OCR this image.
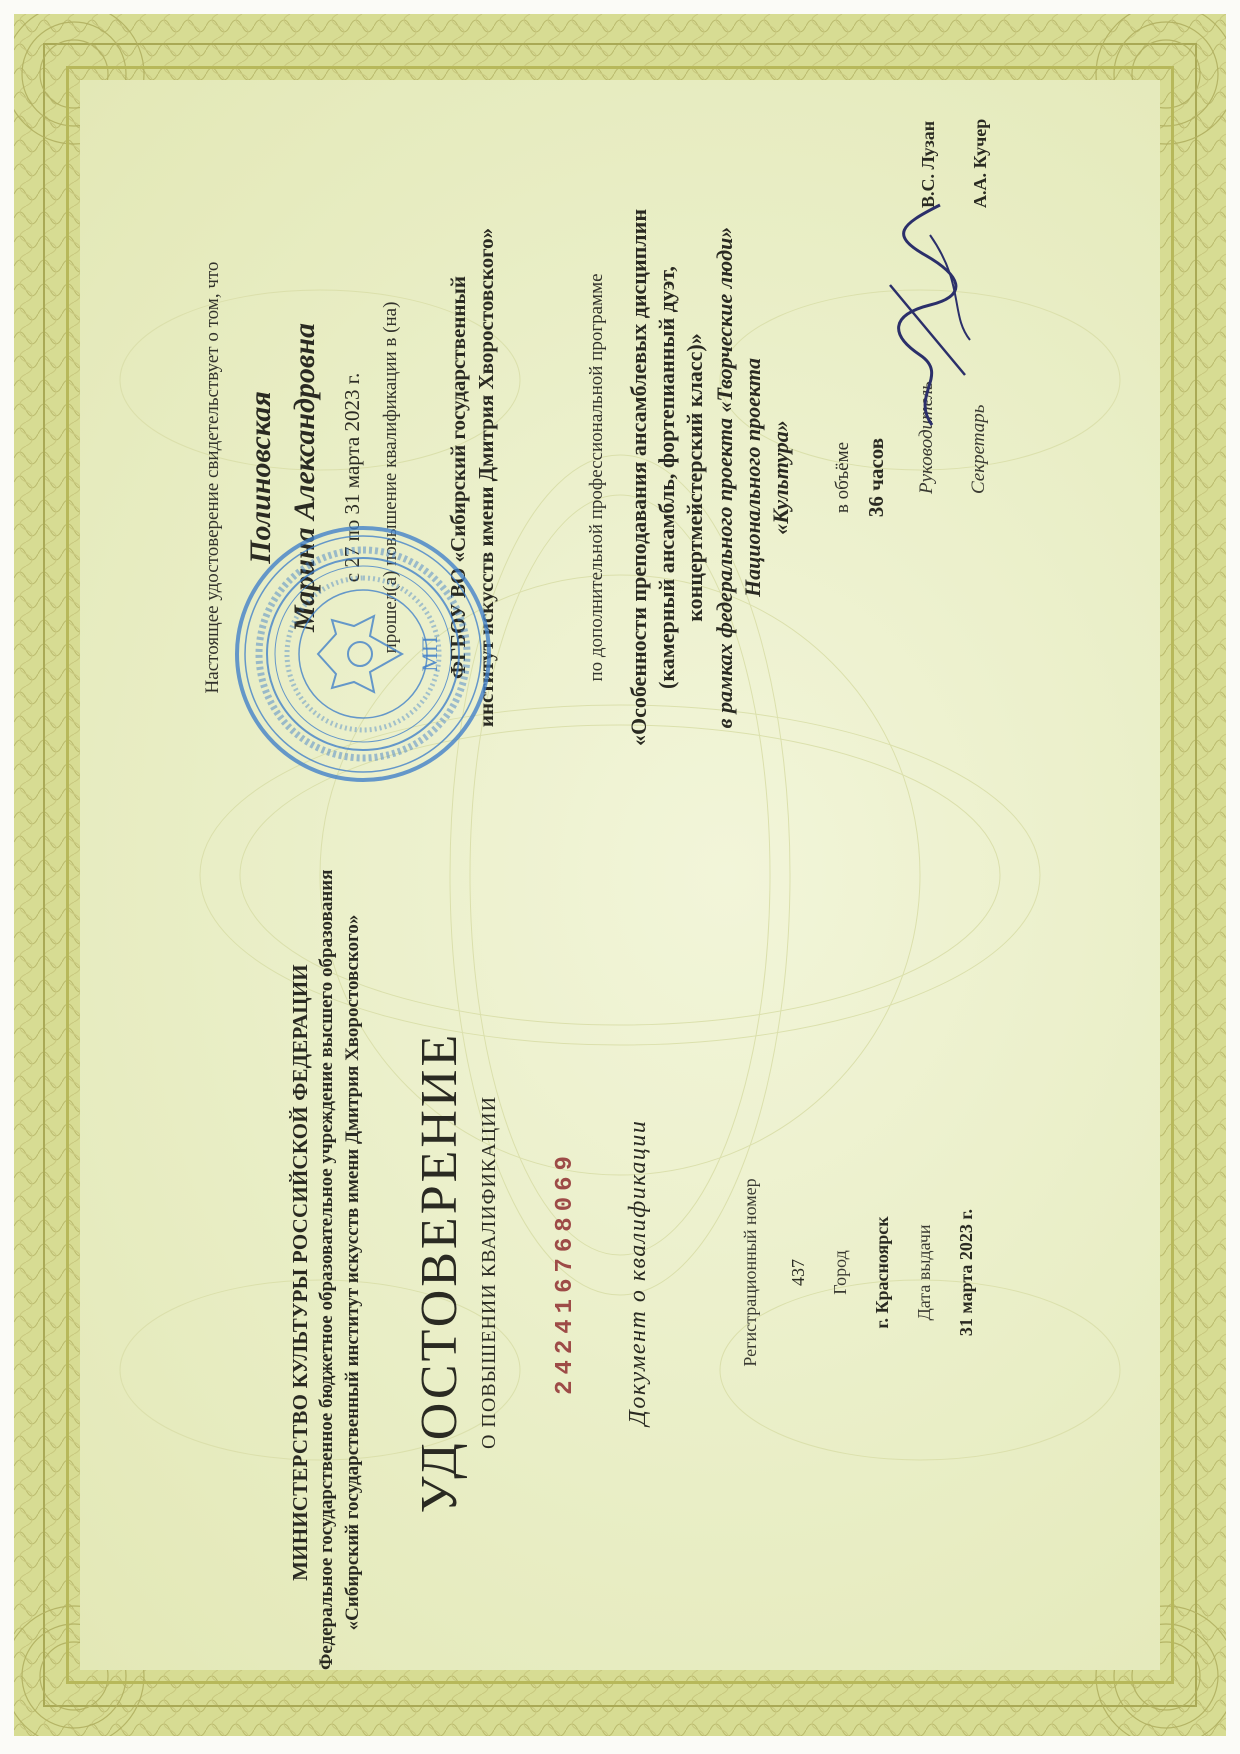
МИНИСТЕРСТВО КУЛЬТУРЫ РОССИЙСКОЙ ФЕДЕРАЦИИ Федеральное государственное бюджетное образовательное учреждение высшего образования «Сибирский государственный институт искусств имени Дмитрия Хворостовского» УДОСТОВЕРЕНИЕ О ПОВЫШЕНИИ КВАЛИФИКАЦИИ 242416768069 Документ о квалификации	Регистрационный номер 437 Город г. Красноярск Дата выдачи 31 марта 2023 г.
Настоящее удостоверение свидетельствует о том, что Полиновская Марина Александровна с 27 по 31 марта 2023 г. прошел(а) повышение квалификации в (на) ФГБОУ ВО «Сибирский государственный институт искусств имени Дмитрия Хворостовского»	по дополнительной профессиональной программе «Особенности преподавания ансамблевых дисциплин (камерный ансамбль, фортепианный дуэт, концертмейстерский класс)» в рамках федерального проекта «Творческие люди» Национального проекта «Культура» в объёме 36 часов
МП
Руководитель
В.С. Лузан
Секретарь
А.А. Кучер
